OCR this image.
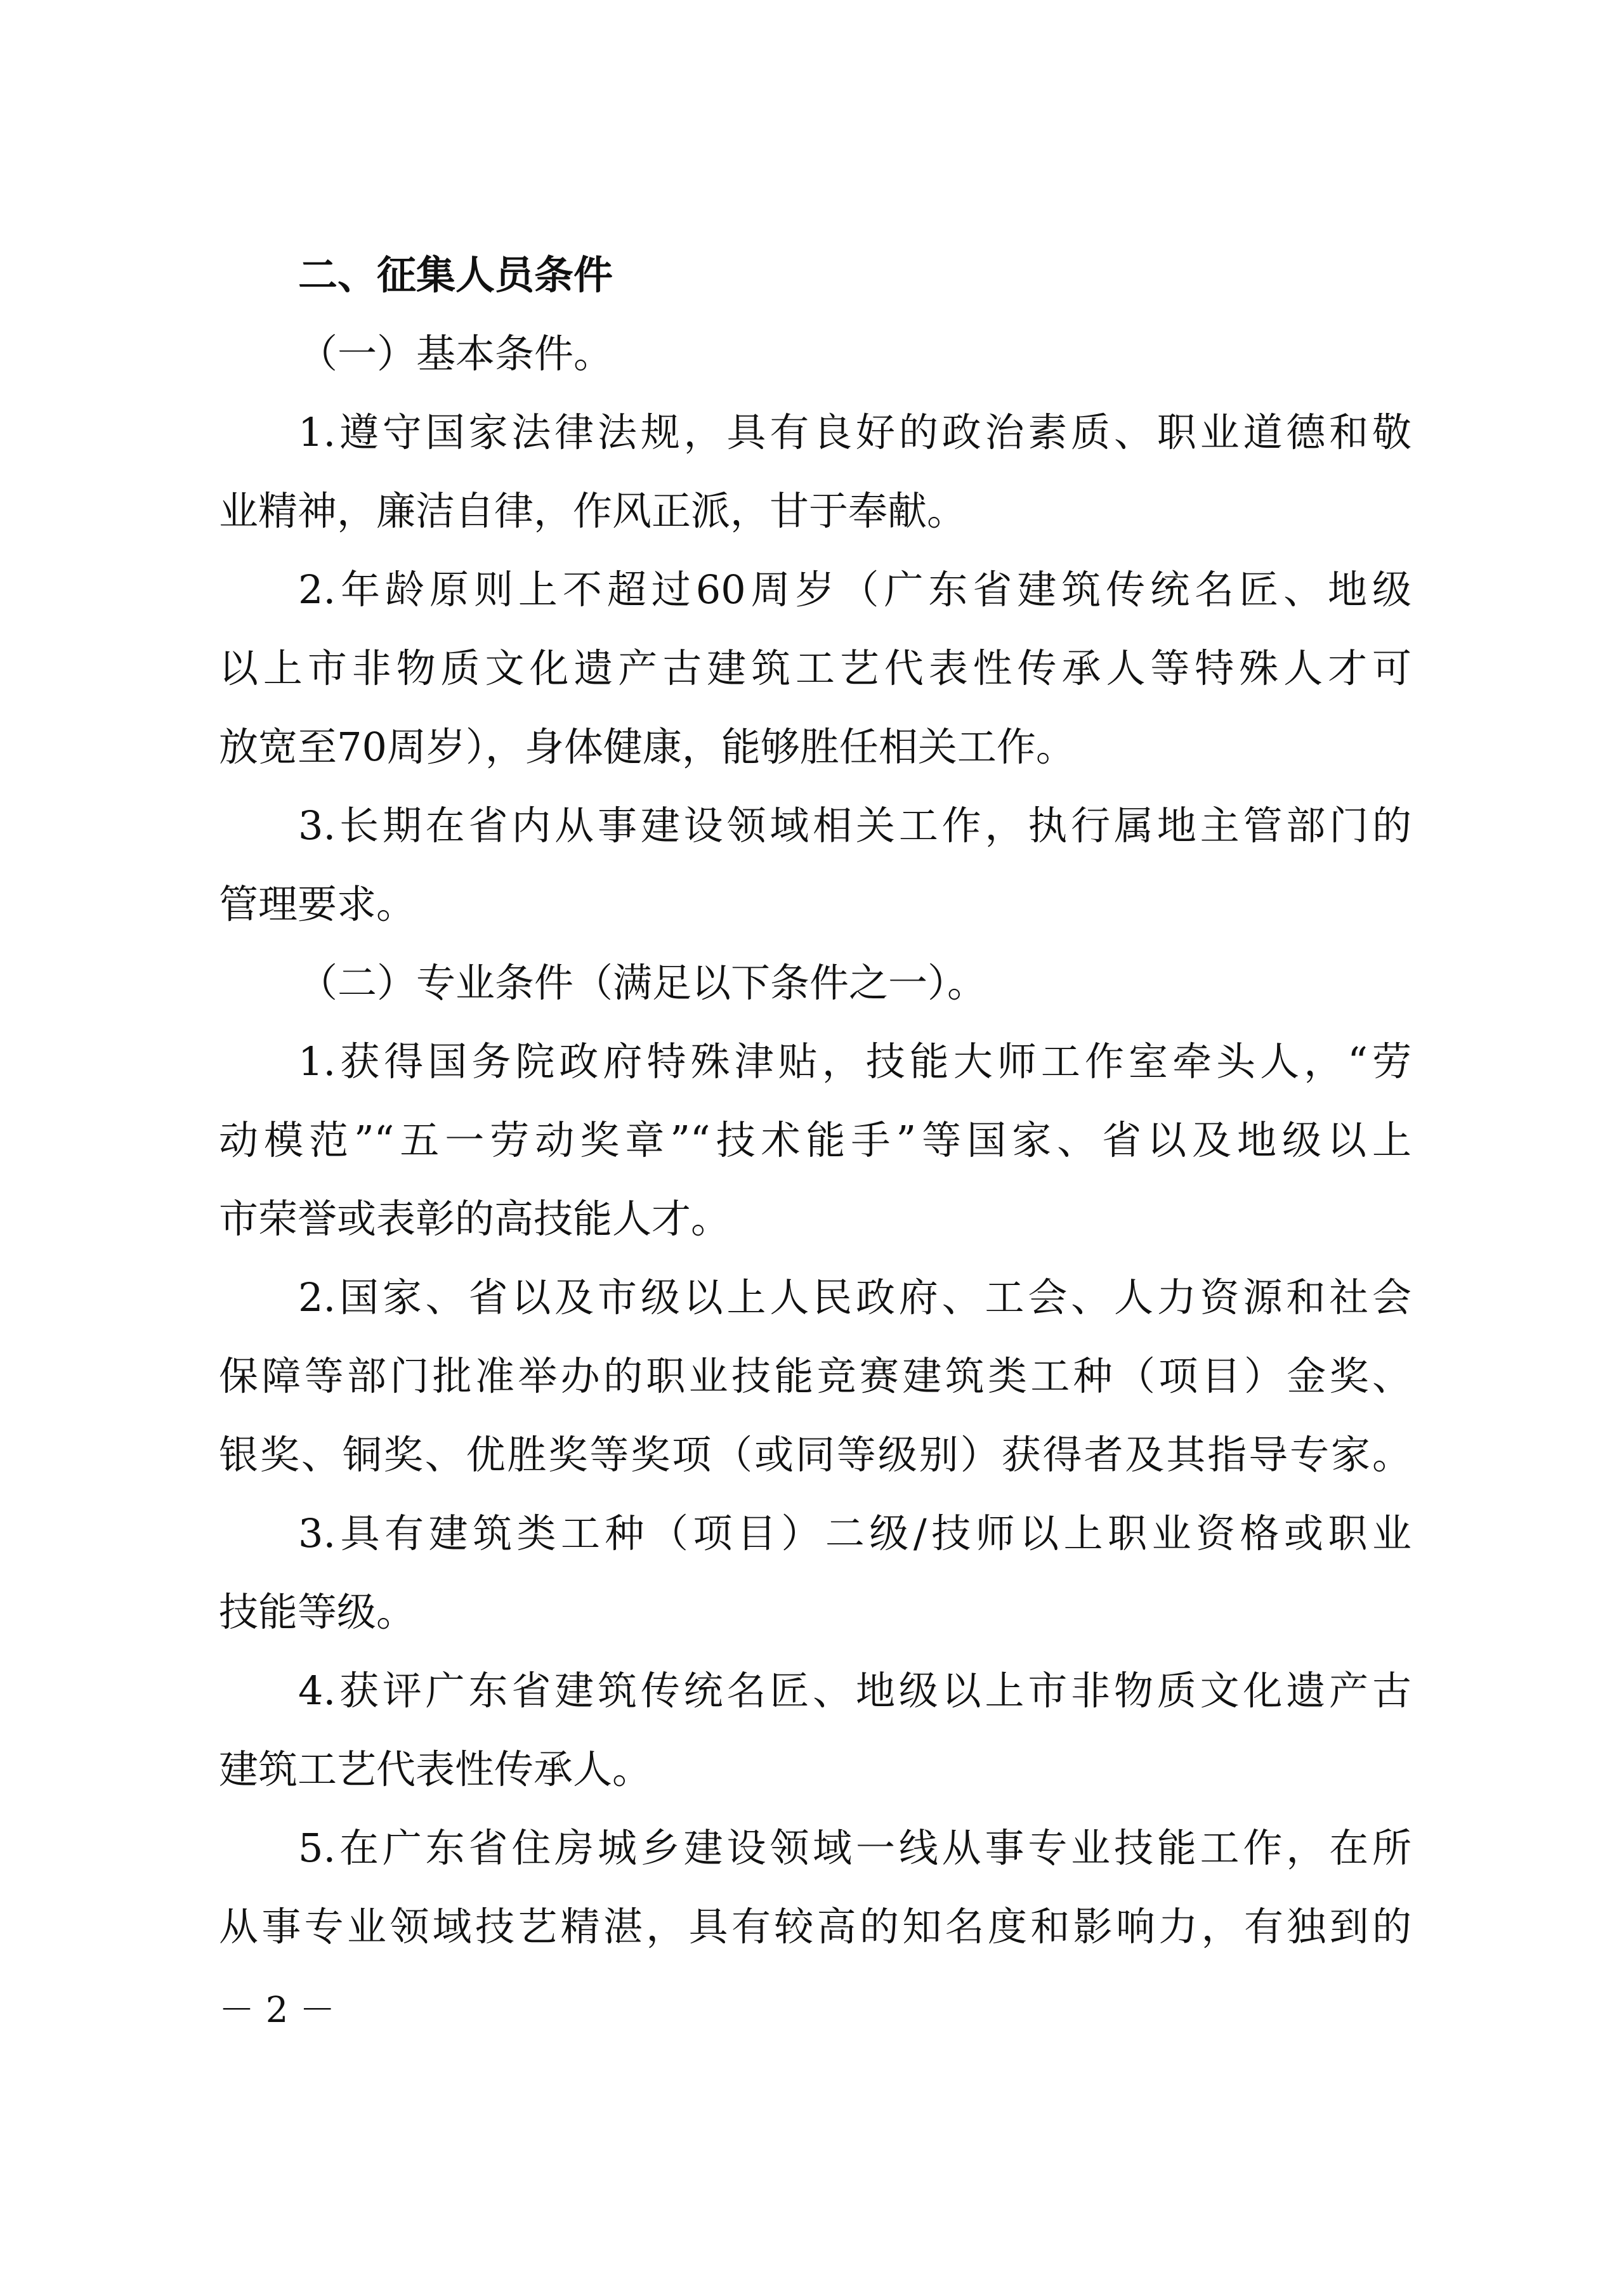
二、征集人员条件
（一）基本条件。
1.遵守国家法律法规，具有良好的政治素质、职业道德和敬
业精神，廉洁自律，作风正派，甘于奉献。
2.年龄原则上不超过60周岁（广东省建筑传统名匠、地级
以上市非物质文化遗产古建筑工艺代表性传承人等特殊人才可
放宽至70周岁），身体健康，能够胜任相关工作。
3.长期在省内从事建设领域相关工作，执行属地主管部门的
管理要求。
（二）专业条件（满足以下条件之一）。
1.获得国务院政府特殊津贴，技能大师工作室牵头人，“劳
动模范”“五一劳动奖章”“技术能手”等国家、省以及地级以上
市荣誉或表彰的高技能人才。
2.国家、省以及市级以上人民政府、工会、人力资源和社会
保障等部门批准举办的职业技能竞赛建筑类工种（项目）金奖、
银奖、铜奖、优胜奖等奖项（或同等级别）获得者及其指导专家。
3.具有建筑类工种（项目）二级/技师以上职业资格或职业
技能等级。
4.获评广东省建筑传统名匠、地级以上市非物质文化遗产古
建筑工艺代表性传承人。
5.在广东省住房城乡建设领域一线从事专业技能工作，在所
从事专业领域技艺精湛，具有较高的知名度和影响力，有独到的
－ 2 －
